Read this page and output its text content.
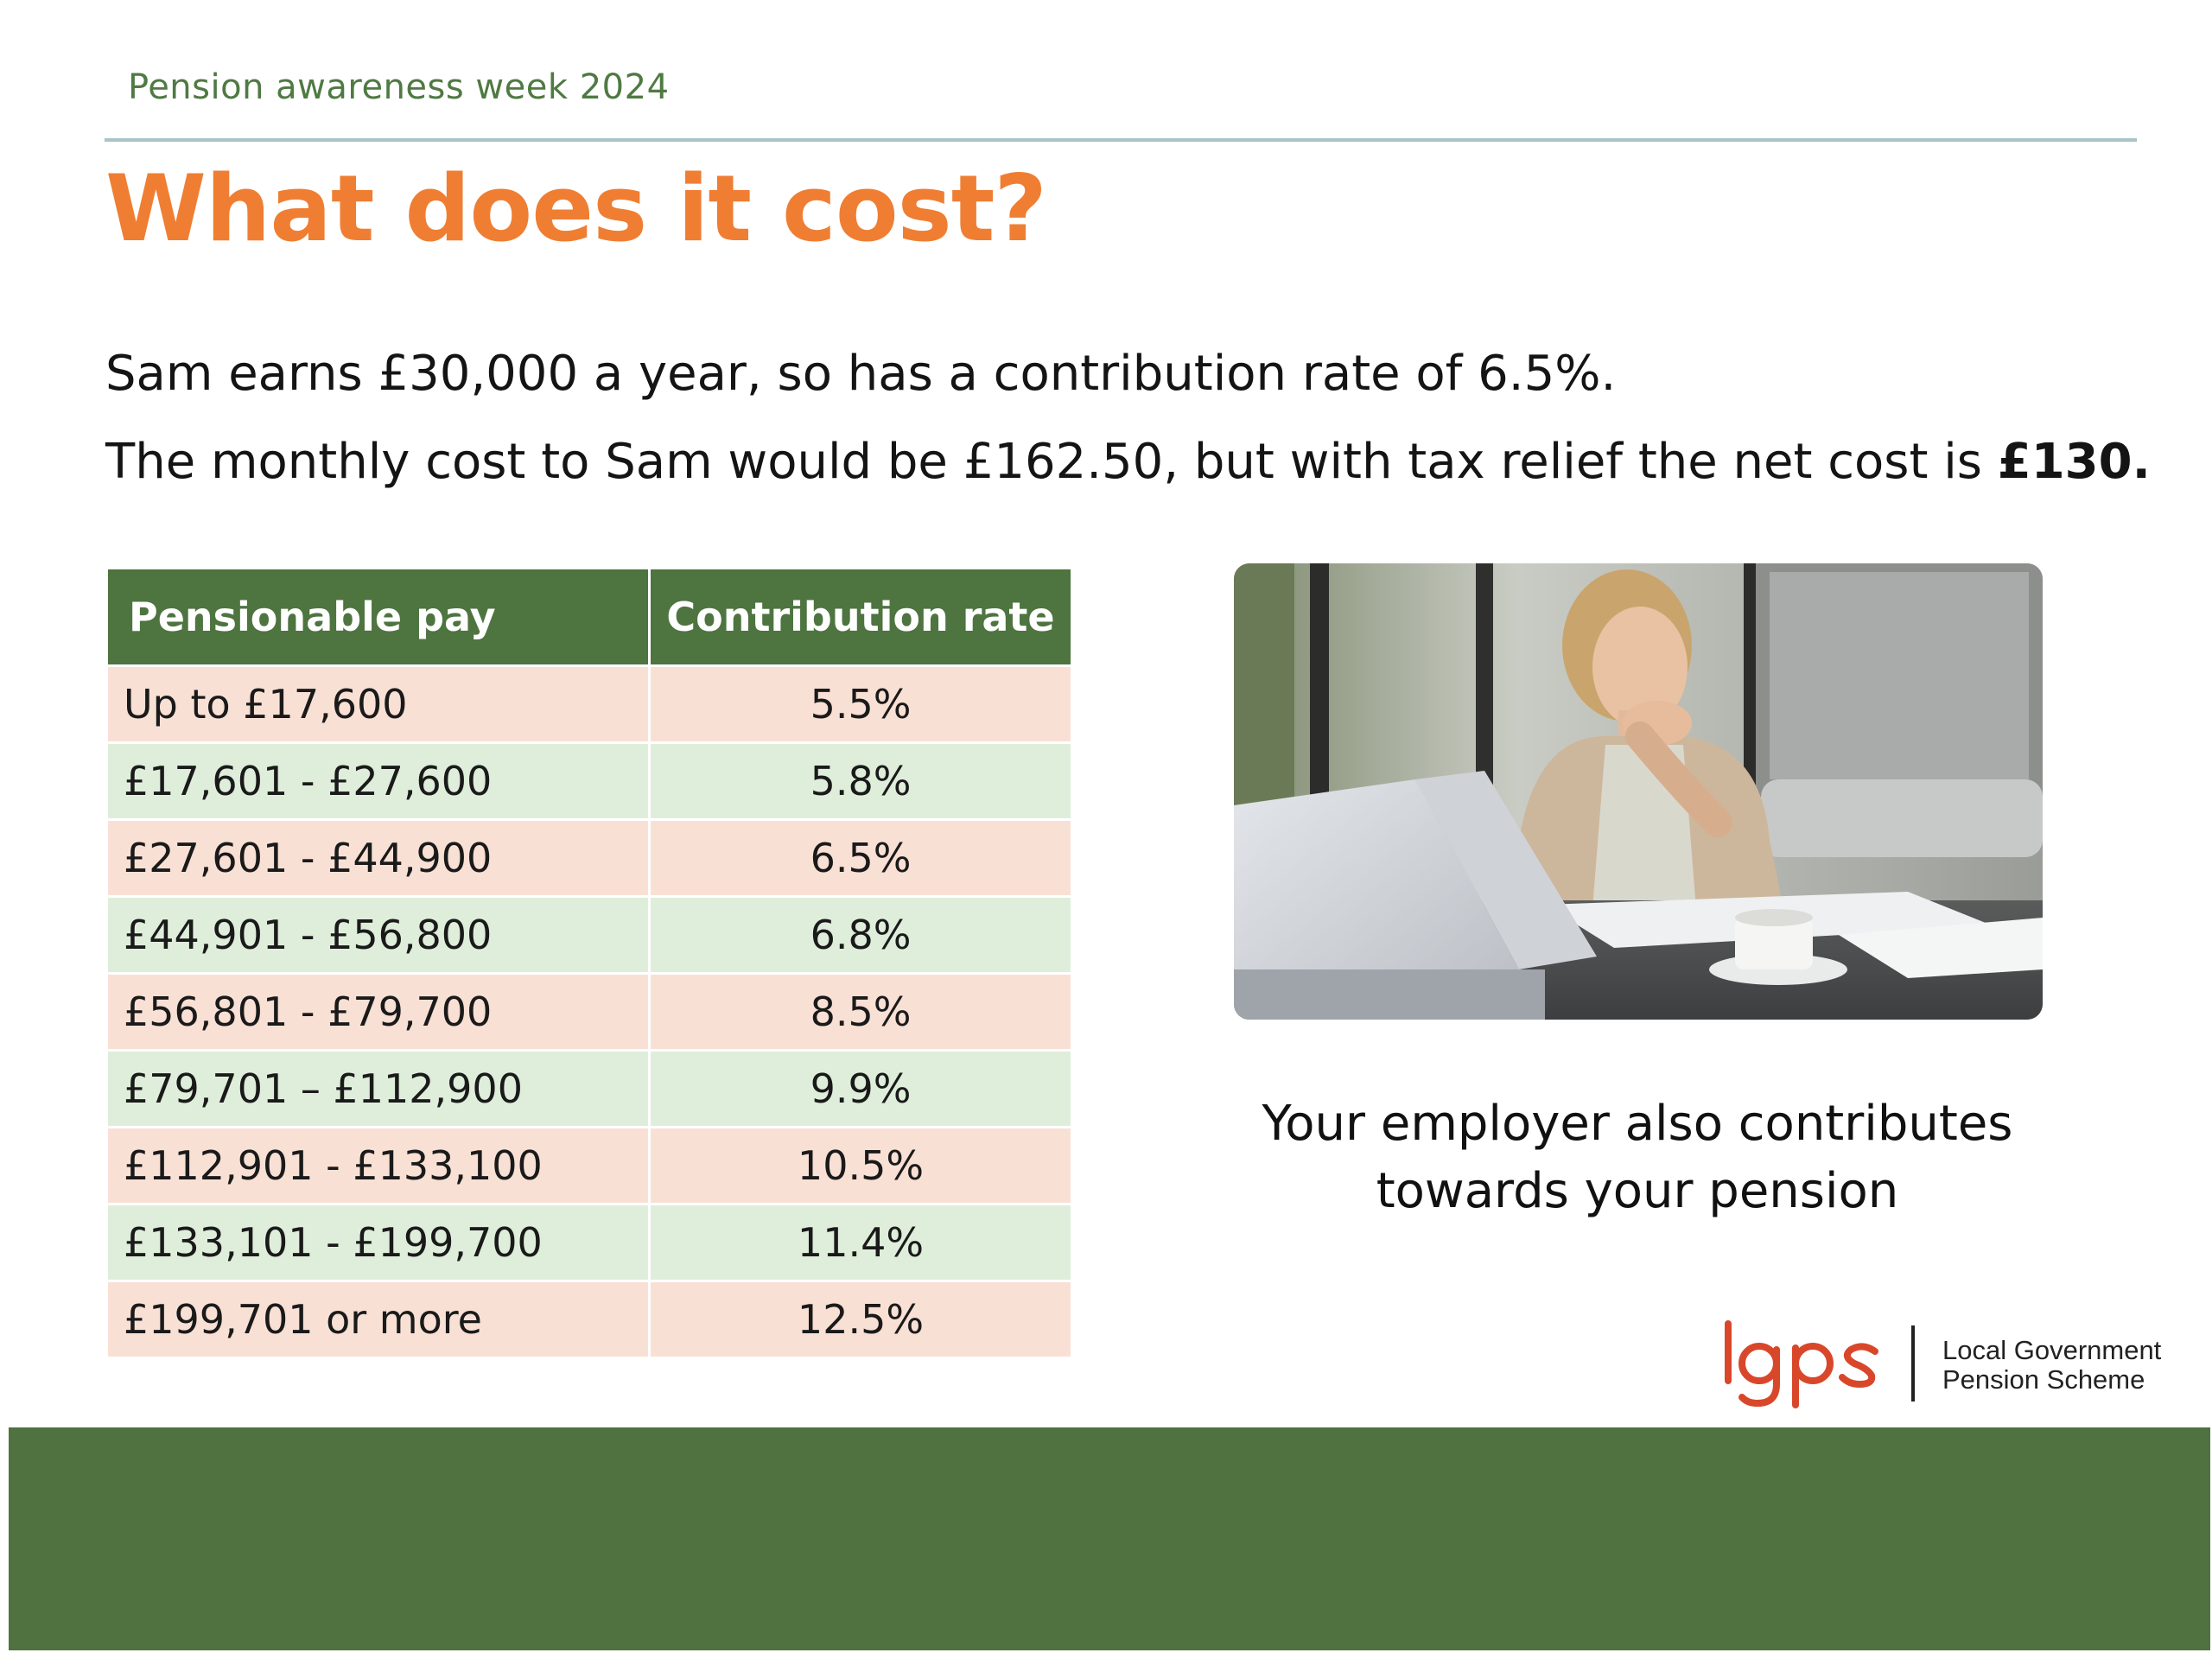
Pension awareness week 2024
What does it cost?
Sam earns £30,000 a year, so has a contribution rate of 6.5%.
The monthly cost to Sam would be £162.50, but with tax relief the net cost is £130.
Pensionable pay	Contribution rate
Up to £17,600	5.5%
£17,601 - £27,600	5.8%
£27,601 - £44,900	6.5%
£44,901 - £56,800	6.8%
£56,801 - £79,700	8.5%
£79,701 – £112,900	9.9%
£112,901 - £133,100	10.5%
£133,101 - £199,700	11.4%
£199,701 or more	12.5%
Your employer also contributes
towards your pension
Local Government
Pension Scheme
